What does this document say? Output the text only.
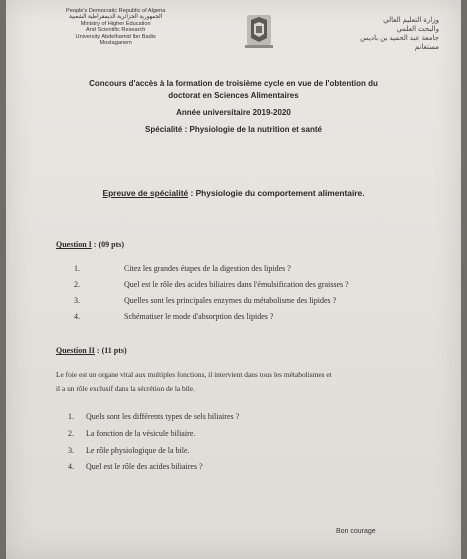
People's Democratic Republic of Algeria
الجمهورية الجزائرية الديمقراطية الشعبية
Ministry of Higher Education
And Scientific Research
University Abdelhamid Ibn Badis
Mostaganem
وزارة التعليم العالي
والبحث العلمي
جامعة عبد الحميد بن باديس
مستغانم
Concours d'accès à la formation de troisième cycle en vue de l'obtention du
doctorat en Sciences Alimentaires
Année universitaire 2019-2020
Spécialité : Physiologie de la nutrition et santé
Epreuve de spécialité : Physiologie du comportement alimentaire.
Question I : (09 pts)
1.	Citez les grandes étapes de la digestion des lipides ?
2.	Quel est le rôle des acides biliaires dans l'émulsification des graisses ?
3.	Quelles sont les principales enzymes du métabolisme des lipides ?
4.	Schématiser le mode d'absorption des lipides ?
Question II : (11 pts)
Le foie est un organe vital aux multiples fonctions, il intervient dans tous les métabolismes et
il a un rôle exclusif dans la sécrétion de la bile.
1. Quels sont les différents types de sels biliaires ?
2. La fonction de la vésicule biliaire.
3. Le rôle physiologique de la bile.
4. Quel est le rôle des acides biliaires ?
Bon courage
